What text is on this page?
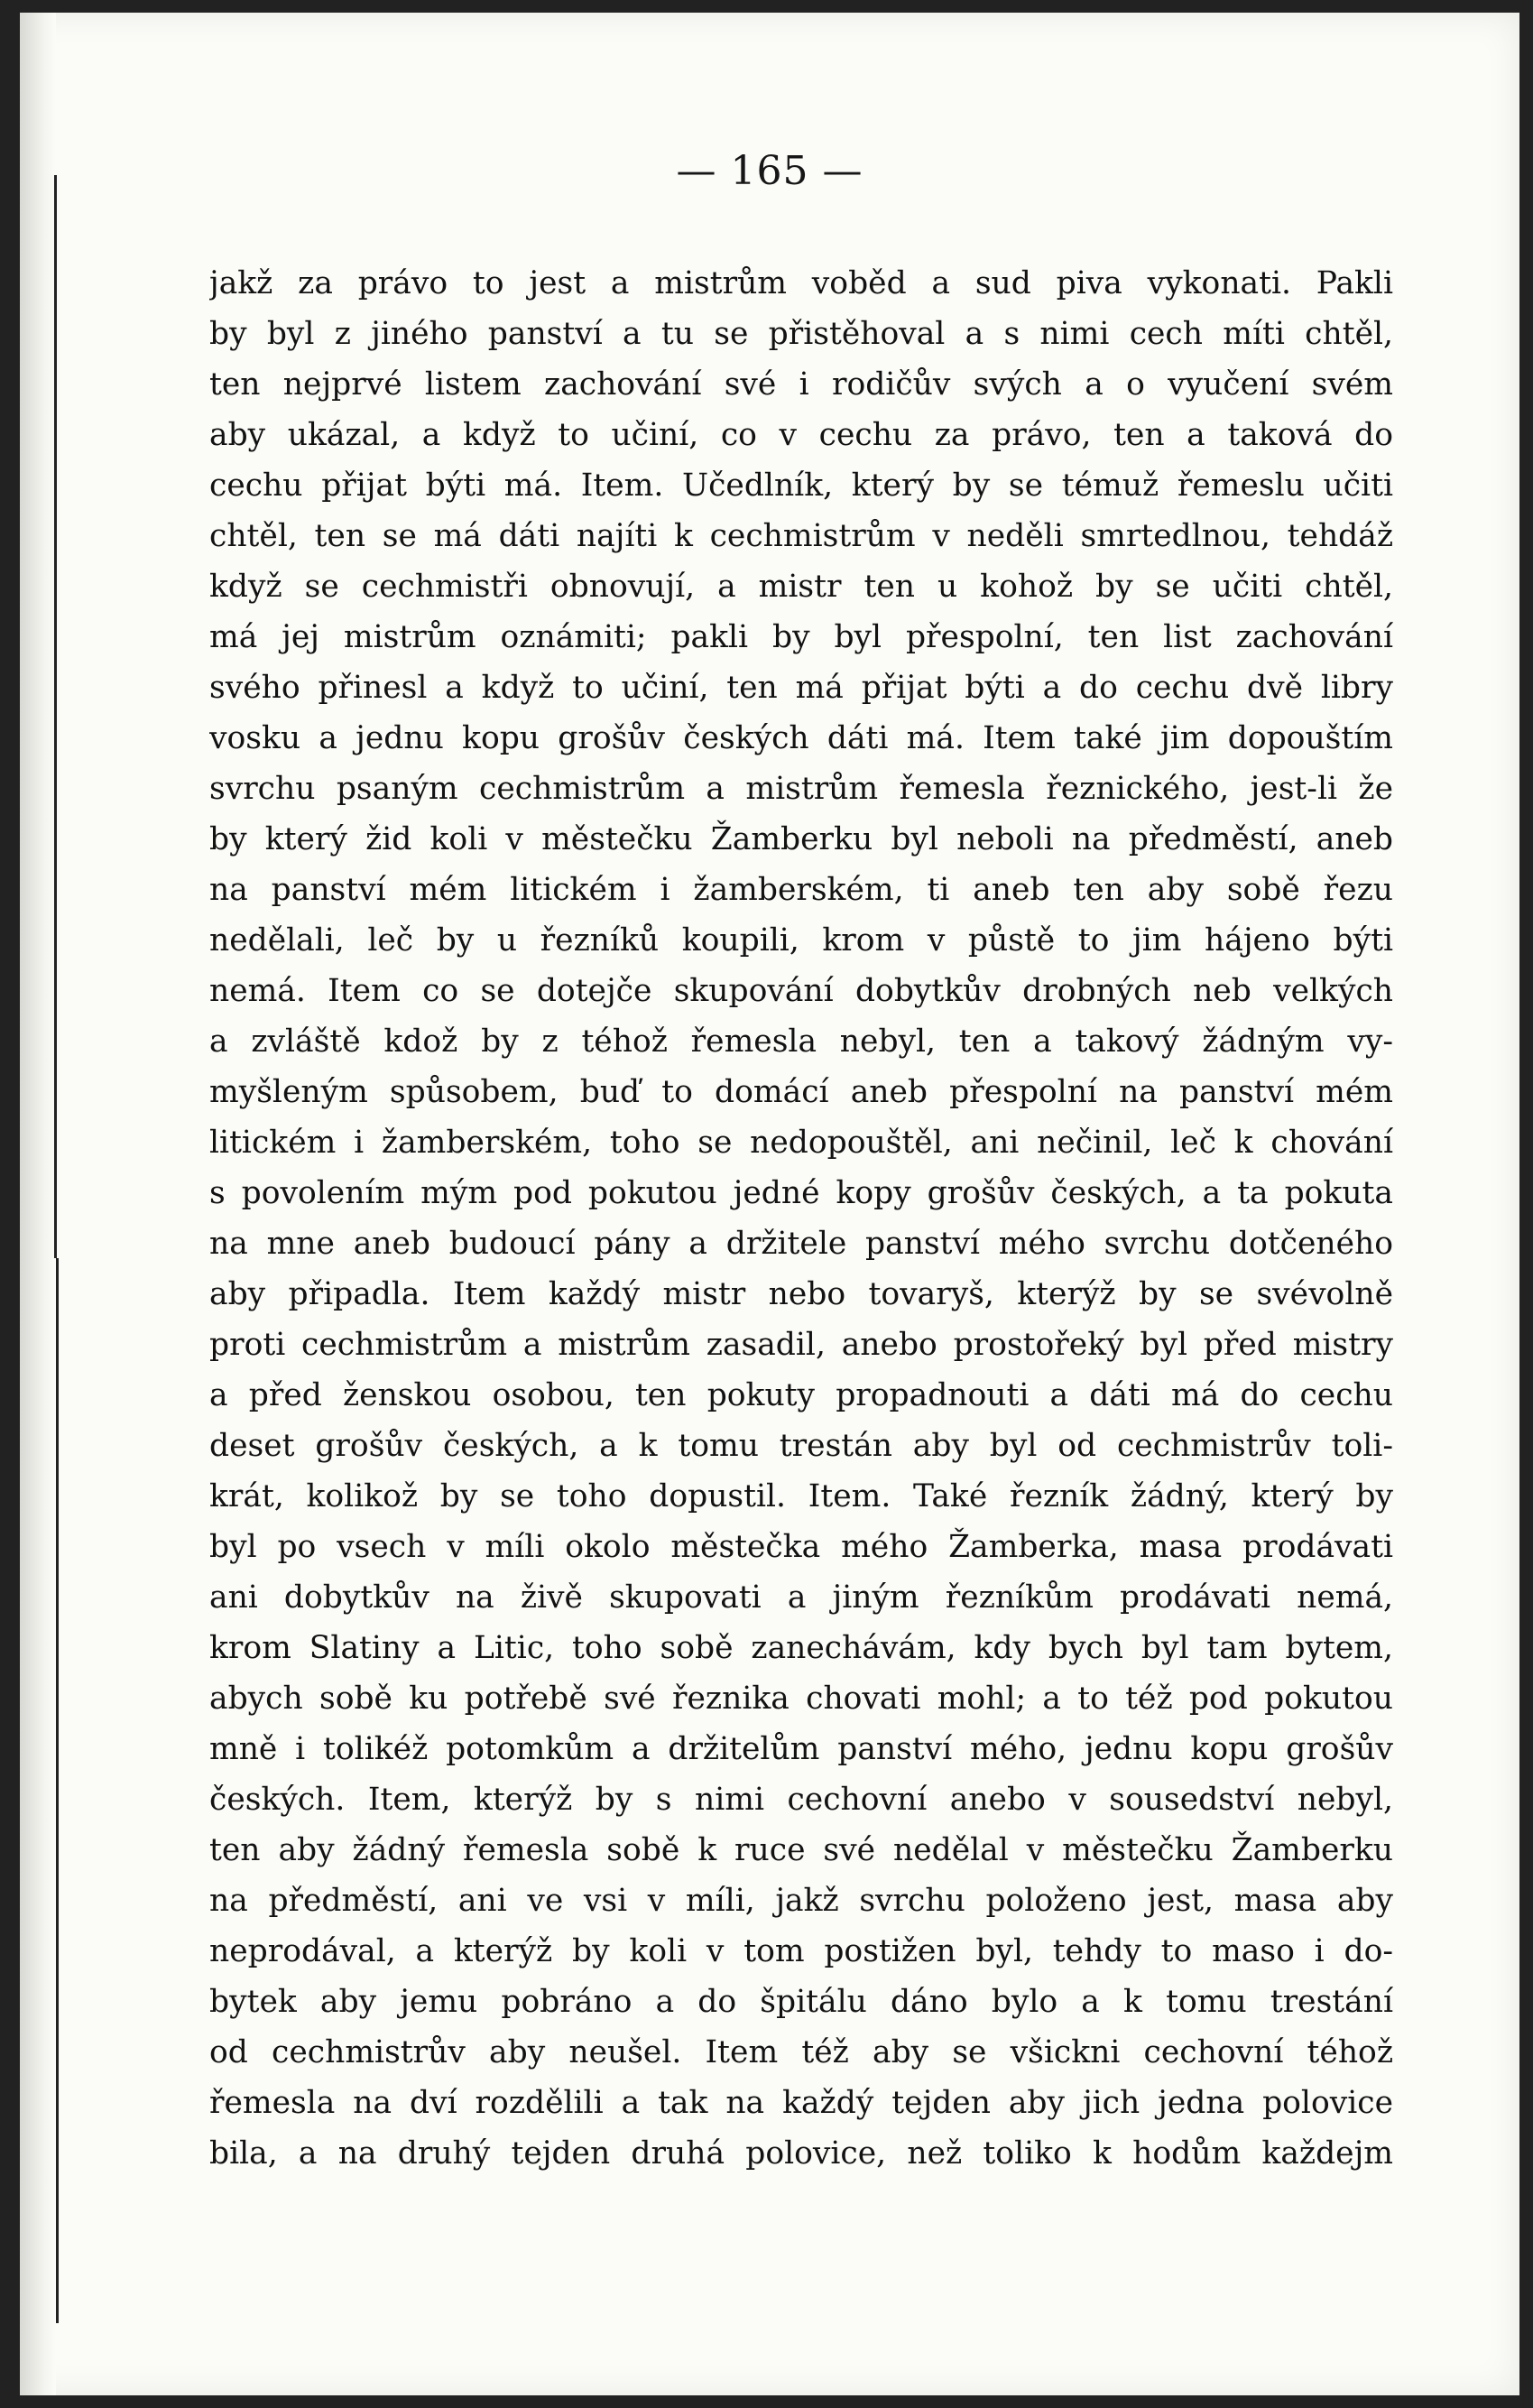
— 165 —
jakž za právo to jest a mistrům voběd a sud piva vykonati. Pakli
by byl z jiného panství a tu se přistěhoval a s nimi cech míti chtěl,
ten nejprvé listem zachování své i rodičův svých a o vyučení svém
aby ukázal, a když to učiní, co v cechu za právo, ten a taková do
cechu přijat býti má. Item. Učedlník, který by se témuž řemeslu učiti
chtěl, ten se má dáti najíti k cechmistrům v neděli smrtedlnou, tehdáž
když se cechmistři obnovují, a mistr ten u kohož by se učiti chtěl,
má jej mistrům oznámiti; pakli by byl přespolní, ten list zachování
svého přinesl a když to učiní, ten má přijat býti a do cechu dvě libry
vosku a jednu kopu grošův českých dáti má. Item také jim dopouštím
svrchu psaným cechmistrům a mistrům řemesla řeznického, jest-li že
by který žid koli v městečku Žamberku byl neboli na předměstí, aneb
na panství mém litickém i žamberském, ti aneb ten aby sobě řezu
nedělali, leč by u řezníků koupili, krom v půstě to jim hájeno býti
nemá. Item co se dotejče skupování dobytkův drobných neb velkých
a zvláště kdož by z téhož řemesla nebyl, ten a takový žádným vy-
myšleným spůsobem, buď to domácí aneb přespolní na panství mém
litickém i žamberském, toho se nedopouštěl, ani nečinil, leč k chování
s povolením mým pod pokutou jedné kopy grošův českých, a ta pokuta
na mne aneb budoucí pány a držitele panství mého svrchu dotčeného
aby připadla. Item každý mistr nebo tovaryš, kterýž by se svévolně
proti cechmistrům a mistrům zasadil, anebo prostořeký byl před mistry
a před ženskou osobou, ten pokuty propadnouti a dáti má do cechu
deset grošův českých, a k tomu trestán aby byl od cechmistrův toli-
krát, kolikož by se toho dopustil. Item. Také řezník žádný, který by
byl po vsech v míli okolo městečka mého Žamberka, masa prodávati
ani dobytkův na živě skupovati a jiným řezníkům prodávati nemá,
krom Slatiny a Litic, toho sobě zanechávám, kdy bych byl tam bytem,
abych sobě ku potřebě své řeznika chovati mohl; a to též pod pokutou
mně i tolikéž potomkům a držitelům panství mého, jednu kopu grošův
českých. Item, kterýž by s nimi cechovní anebo v sousedství nebyl,
ten aby žádný řemesla sobě k ruce své nedělal v městečku Žamberku
na předměstí, ani ve vsi v míli, jakž svrchu položeno jest, masa aby
neprodával, a kterýž by koli v tom postižen byl, tehdy to maso i do-
bytek aby jemu pobráno a do špitálu dáno bylo a k tomu trestání
od cechmistrův aby neušel. Item též aby se všickni cechovní téhož
řemesla na dví rozdělili a tak na každý tejden aby jich jedna polovice
bila, a na druhý tejden druhá polovice, než toliko k hodům každejm
